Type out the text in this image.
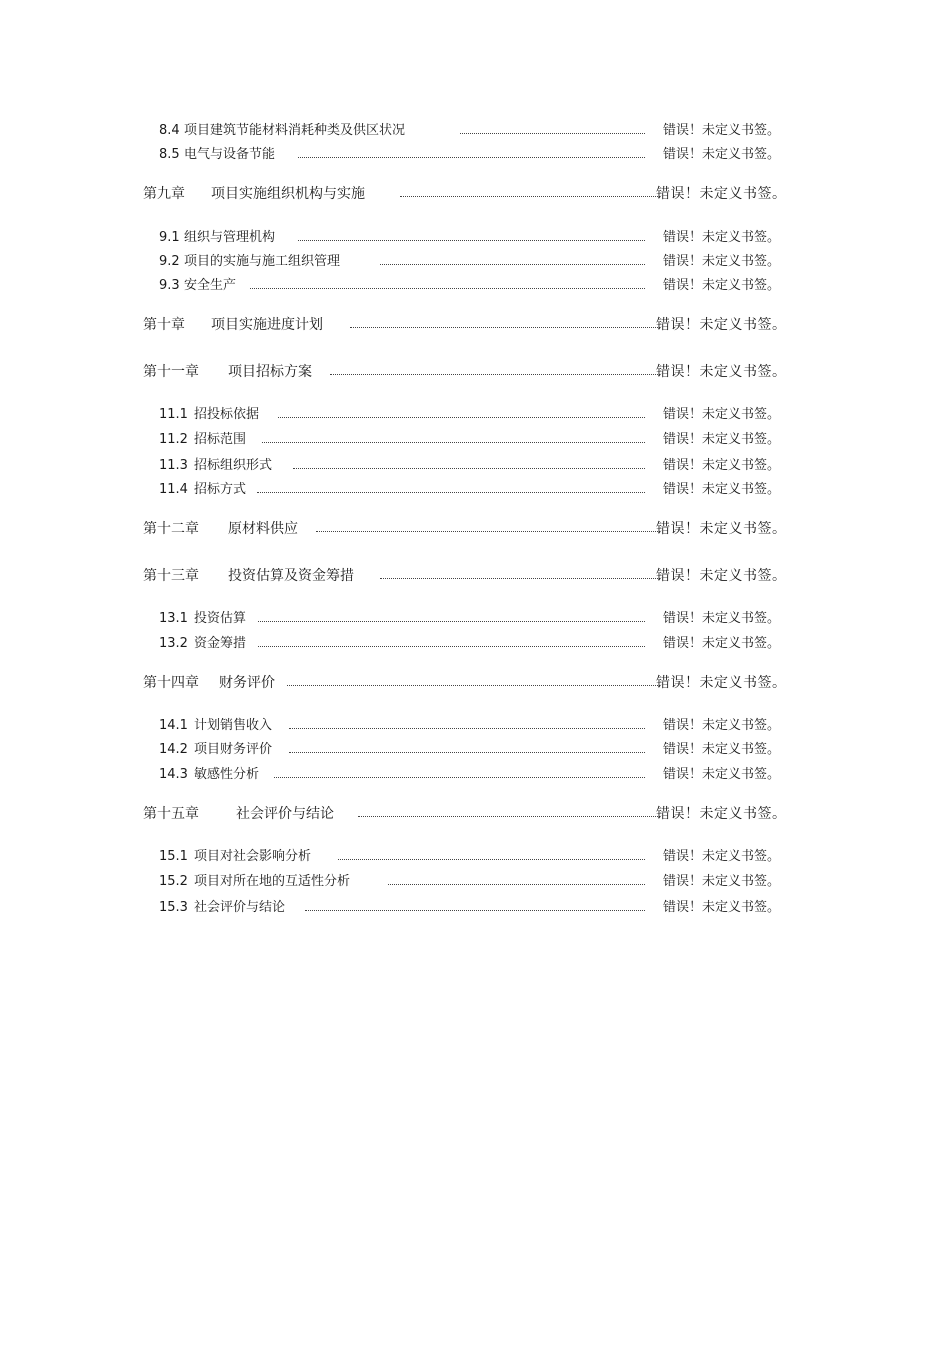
8.4 项目建筑节能材料消耗种类及供区状况	错误！未定义书签。
8.5 电气与设备节能	错误！未定义书签。
第九章 项目实施组织机构与实施	错误！未定义书签。
9.1 组织与管理机构	错误！未定义书签。
9.2 项目的实施与施工组织管理	错误！未定义书签。
9.3 安全生产	错误！未定义书签。
第十章 项目实施进度计划	错误！未定义书签。
第十一章 项目招标方案	错误！未定义书签。
11.1 招投标依据	错误！未定义书签。
11.2 招标范围	错误！未定义书签。
11.3 招标组织形式	错误！未定义书签。
11.4 招标方式	错误！未定义书签。
第十二章 原材料供应	错误！未定义书签。
第十三章 投资估算及资金筹措	错误！未定义书签。
13.1 投资估算	错误！未定义书签。
13.2 资金筹措	错误！未定义书签。
第十四章 财务评价	错误！未定义书签。
14.1 计划销售收入	错误！未定义书签。
14.2 项目财务评价	错误！未定义书签。
14.3 敏感性分析	错误！未定义书签。
第十五章	社会评价与结论	错误！未定义书签。
15.1 项目对社会影响分析	错误！未定义书签。
15.2 项目对所在地的互适性分析	错误！未定义书签。
15.3 社会评价与结论	错误！未定义书签。
